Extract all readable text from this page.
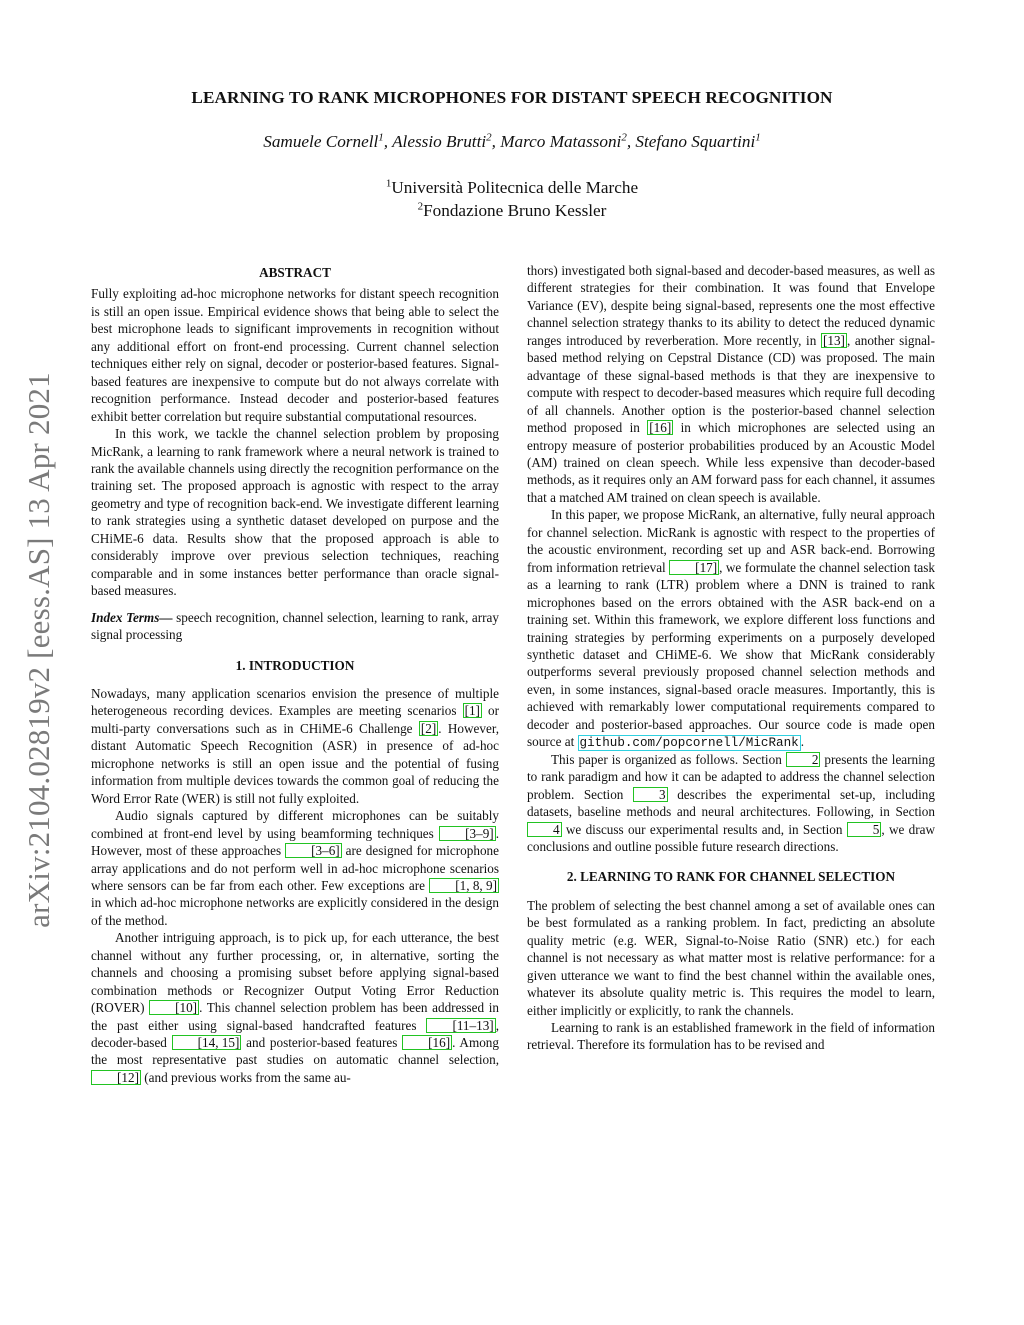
arXiv:2104.02819v2 [eess.AS] 13 Apr 2021
LEARNING TO RANK MICROPHONES FOR DISTANT SPEECH RECOGNITION
Samuele Cornell$^1$, Alessio Brutti$^2$, Marco Matassoni$^2$, Stefano Squartini$^1$
$^1$Università Politecnica delle Marche
$^2$Fondazione Bruno Kessler
ABSTRACT

Fully exploiting ad-hoc microphone networks for distant speech recognition is still an open issue. Empirical evidence shows that being able to select the best microphone leads to significant improvements in recognition without any additional effort on front-end processing. Current channel selection techniques either rely on signal, decoder or posterior-based features. Signal-based features are inexpensive to compute but do not always correlate with recognition performance. Instead decoder and posterior-based features exhibit better correlation but require substantial computational resources.

In this work, we tackle the channel selection problem by proposing MicRank, a learning to rank framework where a neural network is trained to rank the available channels using directly the recognition performance on the training set. The proposed approach is agnostic with respect to the array geometry and type of recognition back-end. We investigate different learning to rank strategies using a synthetic dataset developed on purpose and the CHiME-6 data. Results show that the proposed approach is able to considerably improve over previous selection techniques, reaching comparable and in some instances better performance than oracle signal-based measures.

Index Terms— speech recognition, channel selection, learning to rank, array signal processing

1. INTRODUCTION

Nowadays, many application scenarios envision the presence of multiple heterogeneous recording devices. Examples are meeting scenarios [1] or multi-party conversations such as in CHiME-6 Challenge [2] . However, distant Automatic Speech Recognition (ASR) in presence of ad-hoc microphone networks is still an open issue and the potential of fusing information from multiple devices towards the common goal of reducing the Word Error Rate (WER) is still not fully exploited.

Audio signals captured by different microphones can be suitably combined at front-end level by using beamforming techniques [3–9] . However, most of these approaches [3–6] are designed for microphone array applications and do not perform well in ad-hoc microphone scenarios where sensors can be far from each other. Few exceptions are [1, 8, 9] in which ad-hoc microphone networks are explicitly considered in the design of the method.

Another intriguing approach, is to pick up, for each utterance, the best channel without any further processing, or, in alternative, sorting the channels and choosing a promising subset before applying signal-based combination methods or Recognizer Output Voting Error Reduction (ROVER) [10] . This channel selection problem has been addressed in the past either using signal-based handcrafted features [11–13] , decoder-based [14, 15] and posterior-based features [16] . Among the most representative past studies on automatic channel selection, [12] (and previous works from the same au-

thors) investigated both signal-based and decoder-based measures, as well as different strategies for their combination. It was found that Envelope Variance (EV), despite being signal-based, represents one the most effective channel selection strategy thanks to its ability to detect the reduced dynamic ranges introduced by reverberation. More recently, in [13] , another signal-based method relying on Cepstral Distance (CD) was proposed. The main advantage of these signal-based methods is that they are inexpensive to compute with respect to decoder-based measures which require full decoding of all channels. Another option is the posterior-based channel selection method proposed in [16] in which microphones are selected using an entropy measure of posterior probabilities produced by an Acoustic Model (AM) trained on clean speech. While less expensive than decoder-based methods, as it requires only an AM forward pass for each channel, it assumes that a matched AM trained on clean speech is available.

In this paper, we propose MicRank, an alternative, fully neural approach for channel selection. MicRank is agnostic with respect to the properties of the acoustic environment, recording set up and ASR back-end. Borrowing from information retrieval [17] , we formulate the channel selection task as a learning to rank (LTR) problem where a DNN is trained to rank microphones based on the errors obtained with the ASR back-end on a training set. Within this framework, we explore different loss functions and training strategies by performing experiments on a purposely developed synthetic dataset and CHiME-6. We show that MicRank considerably outperforms several previously proposed channel selection methods and even, in some instances, signal-based oracle measures. Importantly, this is achieved with remarkably lower computational requirements compared to decoder and posterior-based approaches. Our source code is made open source at github.com/popcornell/MicRank .

This paper is organized as follows. Section 2 presents the learning to rank paradigm and how it can be adapted to address the channel selection problem. Section 3 describes the experimental set-up, including datasets, baseline methods and neural architectures. Following, in Section 4 we discuss our experimental results and, in Section 5 , we draw conclusions and outline possible future research directions.

2. LEARNING TO RANK FOR CHANNEL SELECTION

The problem of selecting the best channel among a set of available ones can be best formulated as a ranking problem. In fact, predicting an absolute quality metric (e.g. WER, Signal-to-Noise Ratio (SNR) etc.) for each channel is not necessary as what matter most is relative performance: for a given utterance we want to find the best channel within the available ones, whatever its absolute quality metric is. This requires the model to learn, either implicitly or explicitly, to rank the channels.

Learning to rank is an established framework in the field of information retrieval. Therefore its formulation has to be revised and
